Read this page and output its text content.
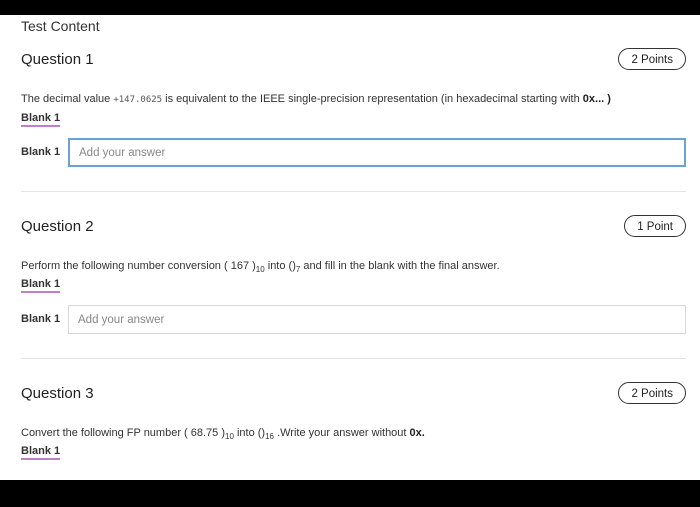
Test Content
Question 1	2 Points
The decimal value +147.0625 is equivalent to the IEEE single-precision representation (in hexadecimal starting with 0x... )
Blank 1
Blank 1
Add your answer
Question 2	1 Point
Perform the following number conversion ( 167 )$_{10}$ into $()_7$ and fill in the blank with the final answer.
Blank 1
Blank 1
Add your answer
Question 3	2 Points
Convert the following FP number ( 68.75 )$_{10}$ into $()_{16}$ .Write your answer without 0x.
Blank 1
